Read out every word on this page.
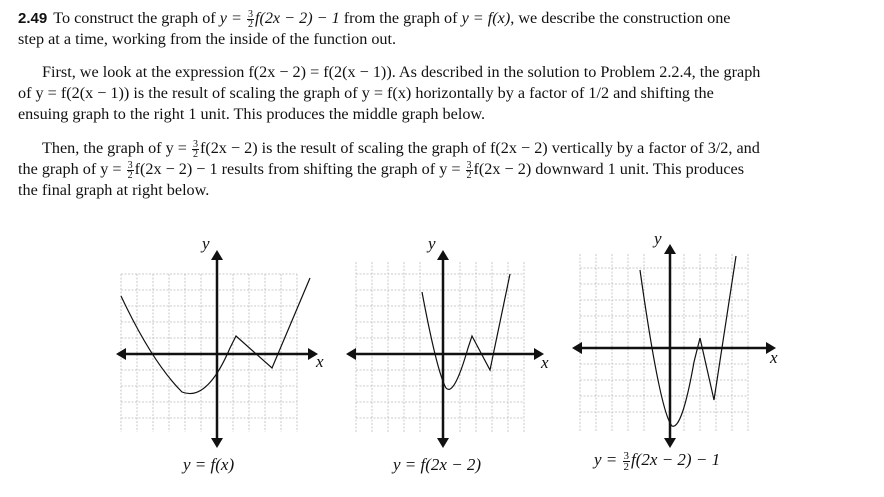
2.49 To construct the graph of $y = \frac{3}{2} f(2x - 2) - 1$ from the graph of y = f(x), we describe the construction one
step at a time, working from the inside of the function out.
First, we look at the expression f(2x − 2) = f(2(x − 1)). As described in the solution to Problem 2.2.4, the graph
of y = f(2(x − 1)) is the result of scaling the graph of y = f(x) horizontally by a factor of 1/2 and shifting the
ensuing graph to the right 1 unit. This produces the middle graph below.
Then, the graph of $y = \frac{3}{2} f(2x - 2)$ is the result of scaling the graph of f(2x − 2) vertically by a factor of 3/2, and
the graph of $y = \frac{3}{2} f(2x - 2) - 1$ results from shifting the graph of $y = \frac{3}{2} f(2x - 2)$ downward 1 unit. This produces
the final graph at right below.
x
y
y = f(x)
x
y
y = f(2x − 2)
x
y
$y = \frac{3}{2} f(2x - 2) - 1$
